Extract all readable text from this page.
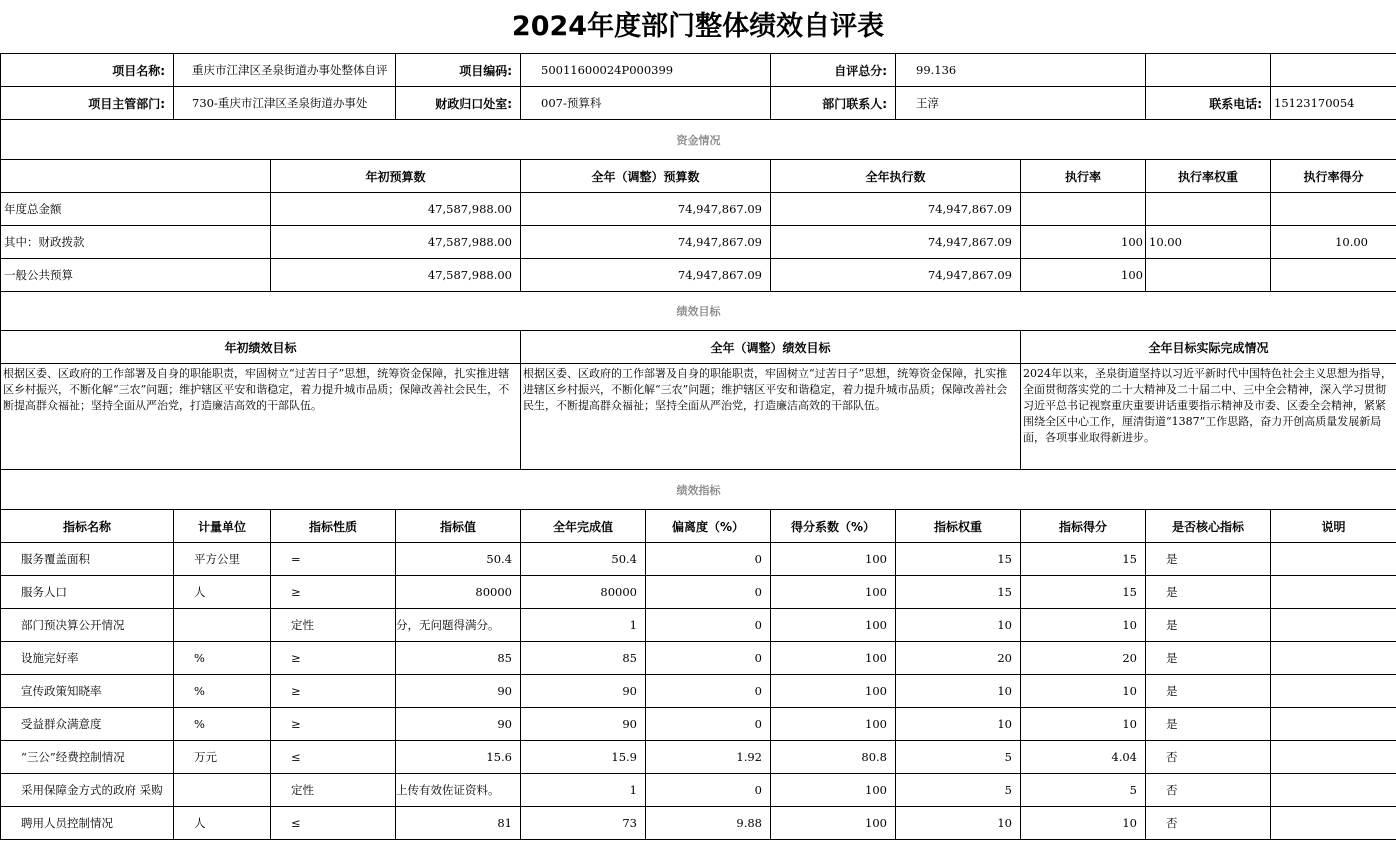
2024年度部门整体绩效自评表
项目名称:	重庆市江津区圣泉街道办事处整体自评		项目编码:	50011600024P000399		自评总分:	99.136			
项目主管部门:	730-重庆市江津区圣泉街道办事处		财政归口处室:	007-预算科		部门联系人:	王淳		联系电话:	15123170054
资金情况										
		年初预算数		全年（调整）预算数		全年执行数		执行率	执行率权重	执行率得分
年度总金额		47,587,988.00		74,947,867.09		74,947,867.09				
其中：财政拨款		47,587,988.00		74,947,867.09		74,947,867.09		100	10.00	10.00
一般公共预算		47,587,988.00		74,947,867.09		74,947,867.09		100		
绩效目标										
年初绩效目标				全年（调整）绩效目标				全年目标实际完成情况		
根据区委、区政府的工作部署及自身的职能职责，牢固树立“过苦日子”思想，统筹资金保障，扎实推进辖区乡村振兴，不断化解“三农”问题；维护辖区平安和谐稳定，着力提升城市品质；保障改善社会民生，不断提高群众福祉；坚持全面从严治党，打造廉洁高效的干部队伍。				根据区委、区政府的工作部署及自身的职能职责，牢固树立“过苦日子”思想，统筹资金保障，扎实推进辖区乡村振兴，不断化解“三农”问题；维护辖区平安和谐稳定，着力提升城市品质；保障改善社会民生，不断提高群众福祉；坚持全面从严治党，打造廉洁高效的干部队伍。				2024年以来，圣泉街道坚持以习近平新时代中国特色社会主义思想为指导，全面贯彻落实党的二十大精神及二十届二中、三中全会精神，深入学习贯彻习近平总书记视察重庆重要讲话重要指示精神及市委、区委全会精神，紧紧围绕全区中心工作，厘清街道“1387”工作思路，奋力开创高质量发展新局面，各项事业取得新进步。		
绩效指标										
指标名称	计量单位	指标性质	指标值	全年完成值	偏离度（%）	得分系数（%）	指标权重	指标得分	是否核心指标	说明
服务覆盖面积	平方公里	=	50.4	50.4	0	100	15	15	是	
服务人口	人	≥	80000	80000	0	100	15	15	是	
部门预决算公开情况		定性	分，无问题得满分。	1	0	100	10	10	是	
设施完好率	%	≥	85	85	0	100	20	20	是	
宣传政策知晓率	%	≥	90	90	0	100	10	10	是	
受益群众满意度	%	≥	90	90	0	100	10	10	是	
“三公”经费控制情况	万元	≤	15.6	15.9	1.92	80.8	5	4.04	否	
采用保障金方式的政府 采购		定性	上传有效佐证资料。	1	0	100	5	5	否	
聘用人员控制情况	人	≤	81	73	9.88	100	10	10	否	
